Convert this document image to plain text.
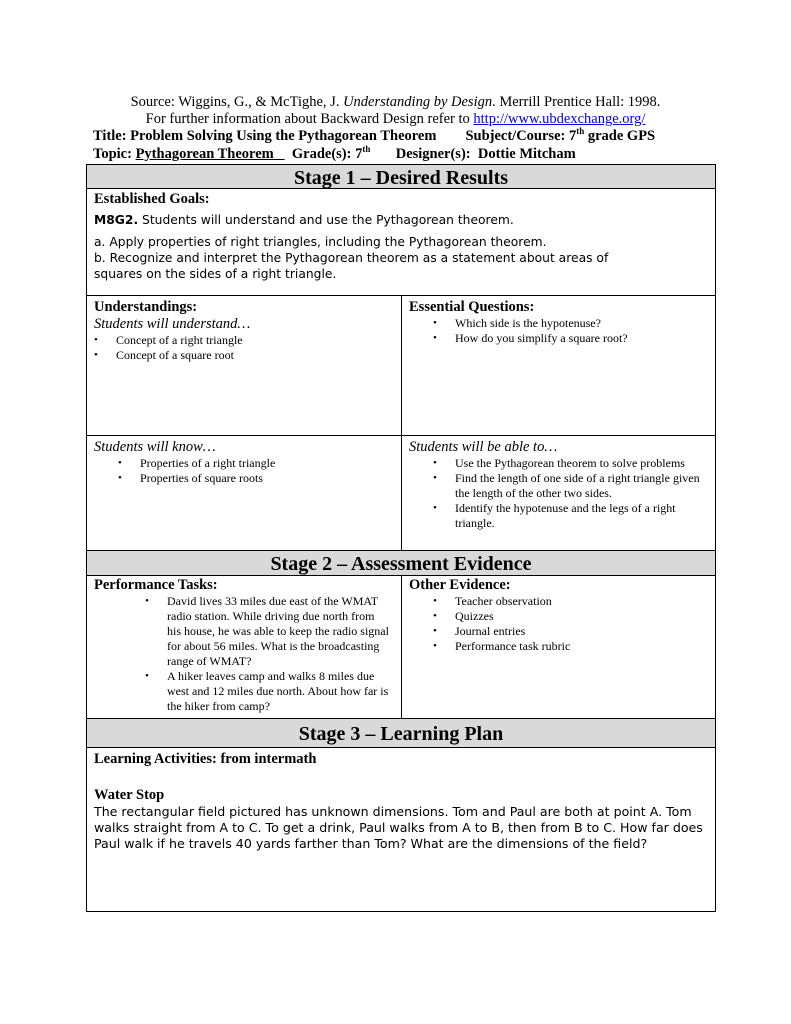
Source: Wiggins, G., & McTighe, J. Understanding by Design. Merrill Prentice Hall: 1998.
For further information about Backward Design refer to http://www.ubdexchange.org/
Title: Problem Solving Using the Pythagorean Theorem Subject/Course: 7th grade GPS
Topic: Pythagorean Theorem Grade(s): 7th Designer(s):  Dottie Mitcham
Stage 1 – Desired Results
Established Goals:
M8G2. Students will understand and use the Pythagorean theorem.
a. Apply properties of right triangles, including the Pythagorean theorem.
b. Recognize and interpret the Pythagorean theorem as a statement about areas of squares on the sides of a right triangle.
Understandings:
Students will understand…
• Concept of a right triangle
• Concept of a square root
Essential Questions:
• Which side is the hypotenuse?
• How do you simplify a square root?
Students will know…
• Properties of a right triangle
• Properties of square roots
Students will be able to…
• Use the Pythagorean theorem to solve problems
• Find the length of one side of a right triangle given the length of the other two sides.
• Identify the hypotenuse and the legs of a right triangle.
Stage 2 – Assessment Evidence
Performance Tasks:
• David lives 33 miles due east of the WMAT radio station. While driving due north from his house, he was able to keep the radio signal for about 56 miles. What is the broadcasting range of WMAT?
• A hiker leaves camp and walks 8 miles due west and 12 miles due north. About how far is the hiker from camp?
Other Evidence:
• Teacher observation
• Quizzes
• Journal entries
• Performance task rubric
Stage 3 – Learning Plan
Learning Activities: from intermath
Water Stop
The rectangular field pictured has unknown dimensions. Tom and Paul are both at point A. Tom walks straight from A to C. To get a drink, Paul walks from A to B, then from B to C. How far does Paul walk if he travels 40 yards farther than Tom? What are the dimensions of the field?
